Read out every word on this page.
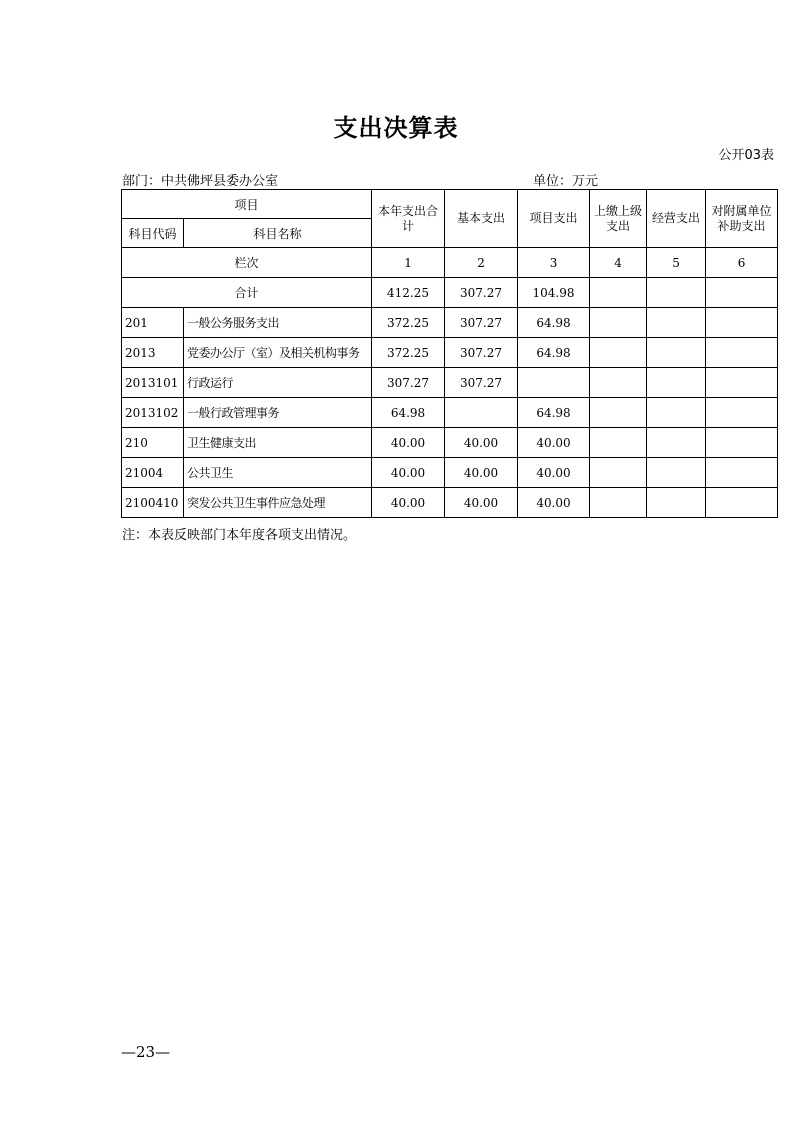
支出决算表
公开03表
部门：中共佛坪县委办公室	单位：万元
项目		本年支出合计	基本支出	项目支出	上缴上级支出	经营支出	对附属单位补助支出
科目代码	科目名称						
栏次		1	2	3	4	5	6
合计		412.25	307.27	104.98			
201	一般公务服务支出	372.25	307.27	64.98			
2013	党委办公厅（室）及相关机构事务	372.25	307.27	64.98			
2013101	行政运行	307.27	307.27				
2013102	一般行政管理事务	64.98		64.98			
210	卫生健康支出	40.00	40.00	40.00			
21004	公共卫生	40.00	40.00	40.00			
2100410	突发公共卫生事件应急处理	40.00	40.00	40.00			
注：本表反映部门本年度各项支出情况。
—23—
